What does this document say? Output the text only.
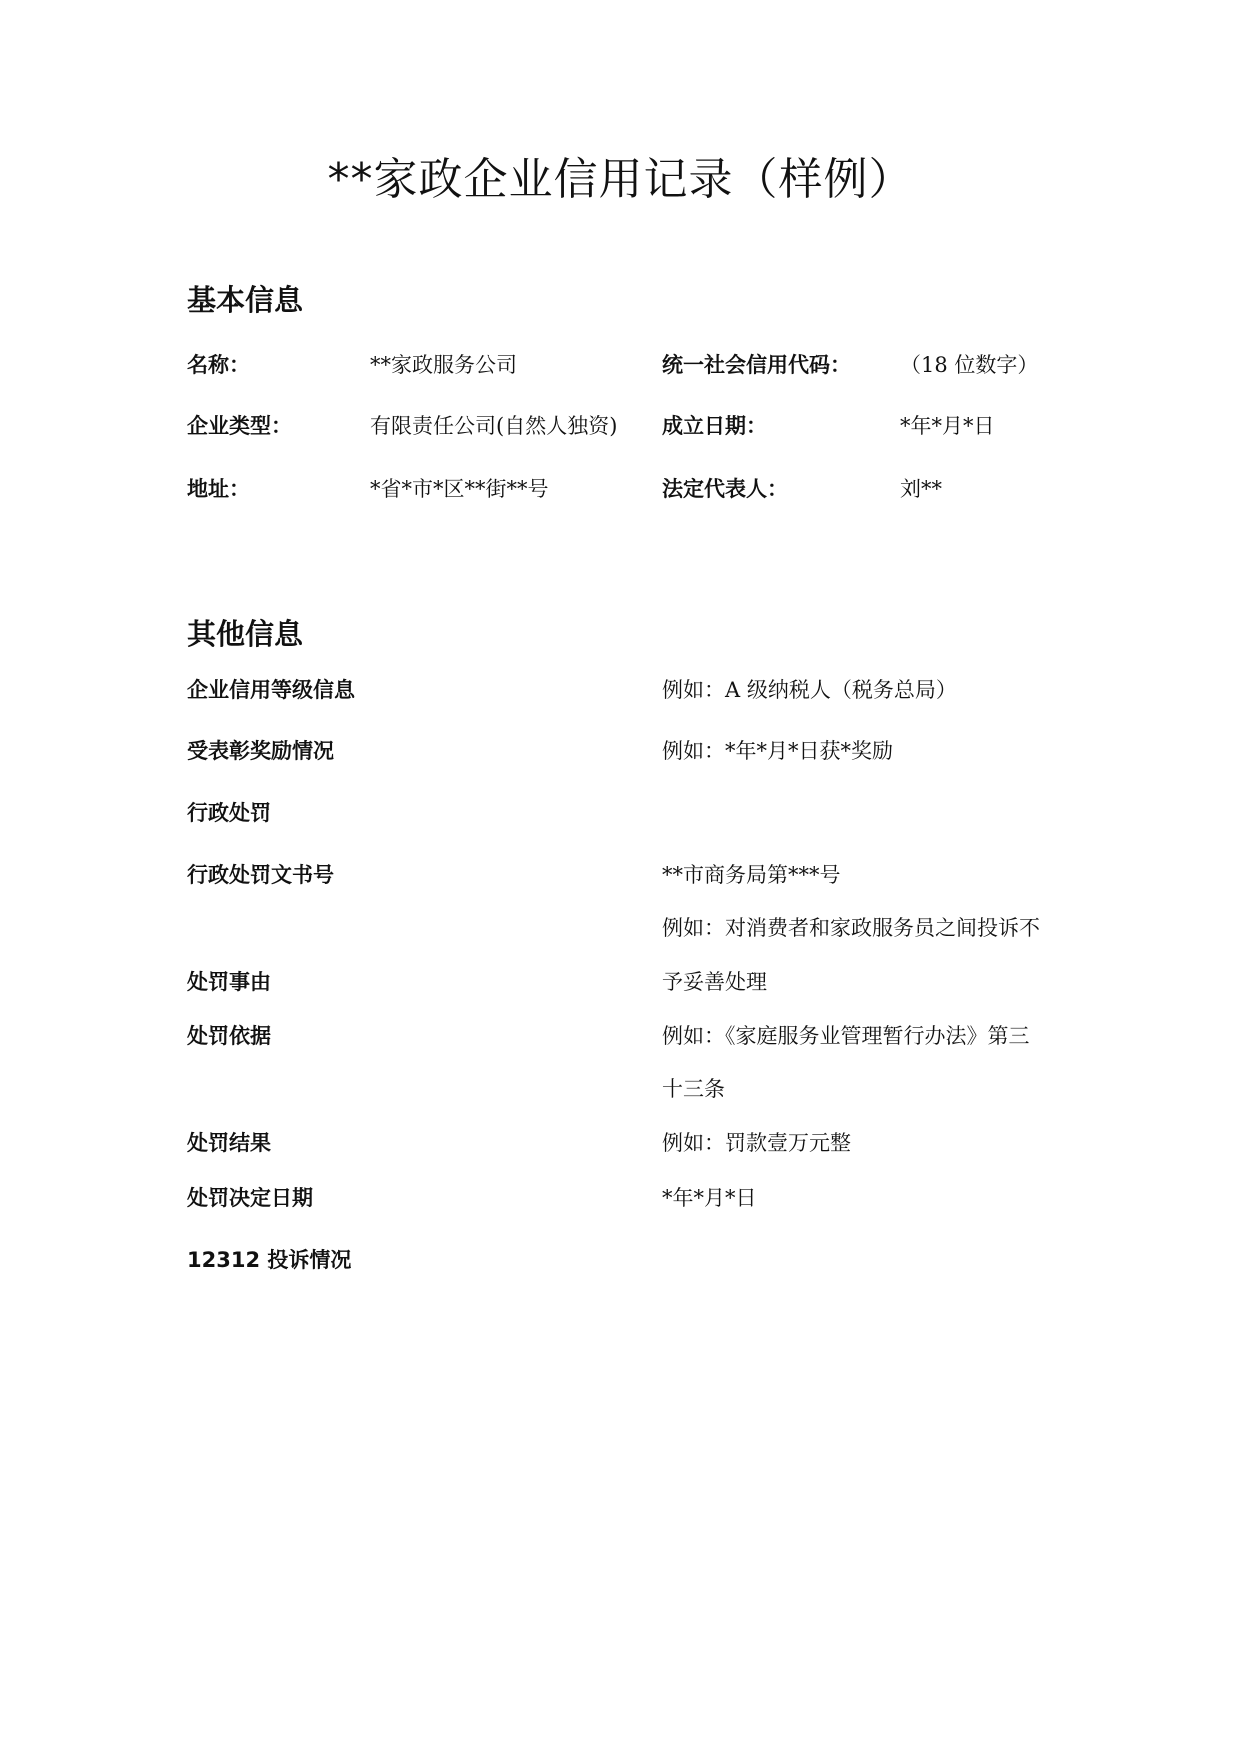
**家政企业信用记录（样例）
基本信息
名称：	**家政服务公司	统一社会信用代码： （18 位数字）
企业类型：	有限责任公司(自然人独资) 成立日期：	*年*月*日
地址：	*省*市*区**街**号	法定代表人：	刘**
其他信息
企业信用等级信息	例如：A 级纳税人（税务总局）
受表彰奖励情况	例如：*年*月*日获*奖励
行政处罚
行政处罚文书号	**市商务局第***号
例如：对消费者和家政服务员之间投诉不
处罚事由	予妥善处理
处罚依据	例如：《家庭服务业管理暂行办法》第三
十三条
处罚结果	例如：罚款壹万元整
处罚决定日期	*年*月*日
12312 投诉情况
